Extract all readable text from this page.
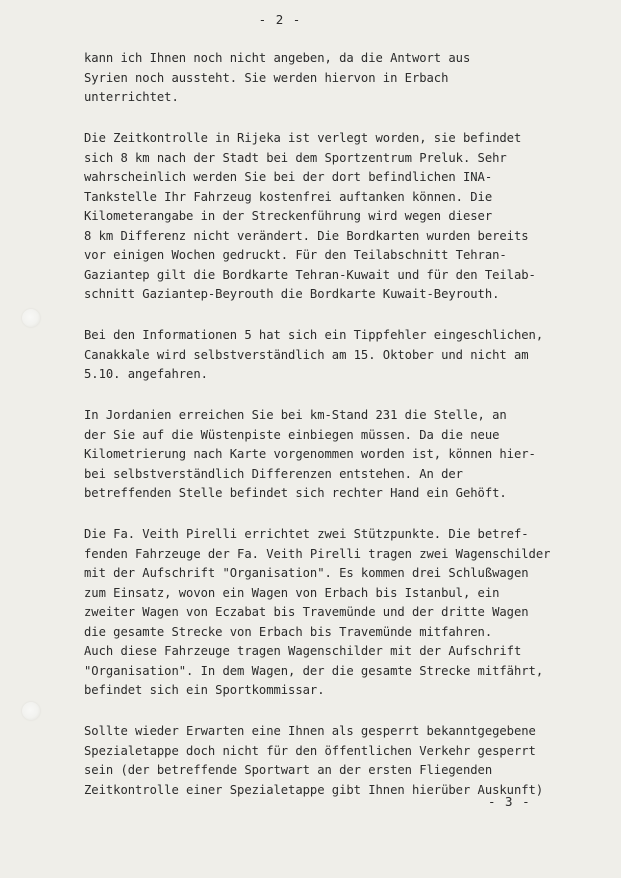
- 2 -
kann ich Ihnen noch nicht angeben, da die Antwort aus
Syrien noch aussteht. Sie werden hiervon in Erbach
unterrichtet.
Die Zeitkontrolle in Rijeka ist verlegt worden, sie befindet
sich 8 km nach der Stadt bei dem Sportzentrum Preluk. Sehr
wahrscheinlich werden Sie bei der dort befindlichen INA-
Tankstelle Ihr Fahrzeug kostenfrei auftanken können. Die
Kilometerangabe in der Streckenführung wird wegen dieser
8 km Differenz nicht verändert. Die Bordkarten wurden bereits
vor einigen Wochen gedruckt. Für den Teilabschnitt Tehran-
Gaziantep gilt die Bordkarte Tehran-Kuwait und für den Teilab-
schnitt Gaziantep-Beyrouth die Bordkarte Kuwait-Beyrouth.
Bei den Informationen 5 hat sich ein Tippfehler eingeschlichen,
Canakkale wird selbstverständlich am 15. Oktober und nicht am
5.10. angefahren.
In Jordanien erreichen Sie bei km-Stand 231 die Stelle, an
der Sie auf die Wüstenpiste einbiegen müssen. Da die neue
Kilometrierung nach Karte vorgenommen worden ist, können hier-
bei selbstverständlich Differenzen entstehen. An der
betreffenden Stelle befindet sich rechter Hand ein Gehöft.
Die Fa. Veith Pirelli errichtet zwei Stützpunkte. Die betref-
fenden Fahrzeuge der Fa. Veith Pirelli tragen zwei Wagenschilder
mit der Aufschrift "Organisation". Es kommen drei Schlußwagen
zum Einsatz, wovon ein Wagen von Erbach bis Istanbul, ein
zweiter Wagen von Eczabat bis Travemünde und der dritte Wagen
die gesamte Strecke von Erbach bis Travemünde mitfahren.
Auch diese Fahrzeuge tragen Wagenschilder mit der Aufschrift
"Organisation". In dem Wagen, der die gesamte Strecke mitfährt,
befindet sich ein Sportkommissar.
Sollte wieder Erwarten eine Ihnen als gesperrt bekanntgegebene
Spezialetappe doch nicht für den öffentlichen Verkehr gesperrt
sein (der betreffende Sportwart an der ersten Fliegenden
Zeitkontrolle einer Spezialetappe gibt Ihnen hierüber Auskunft)
- 3 -
